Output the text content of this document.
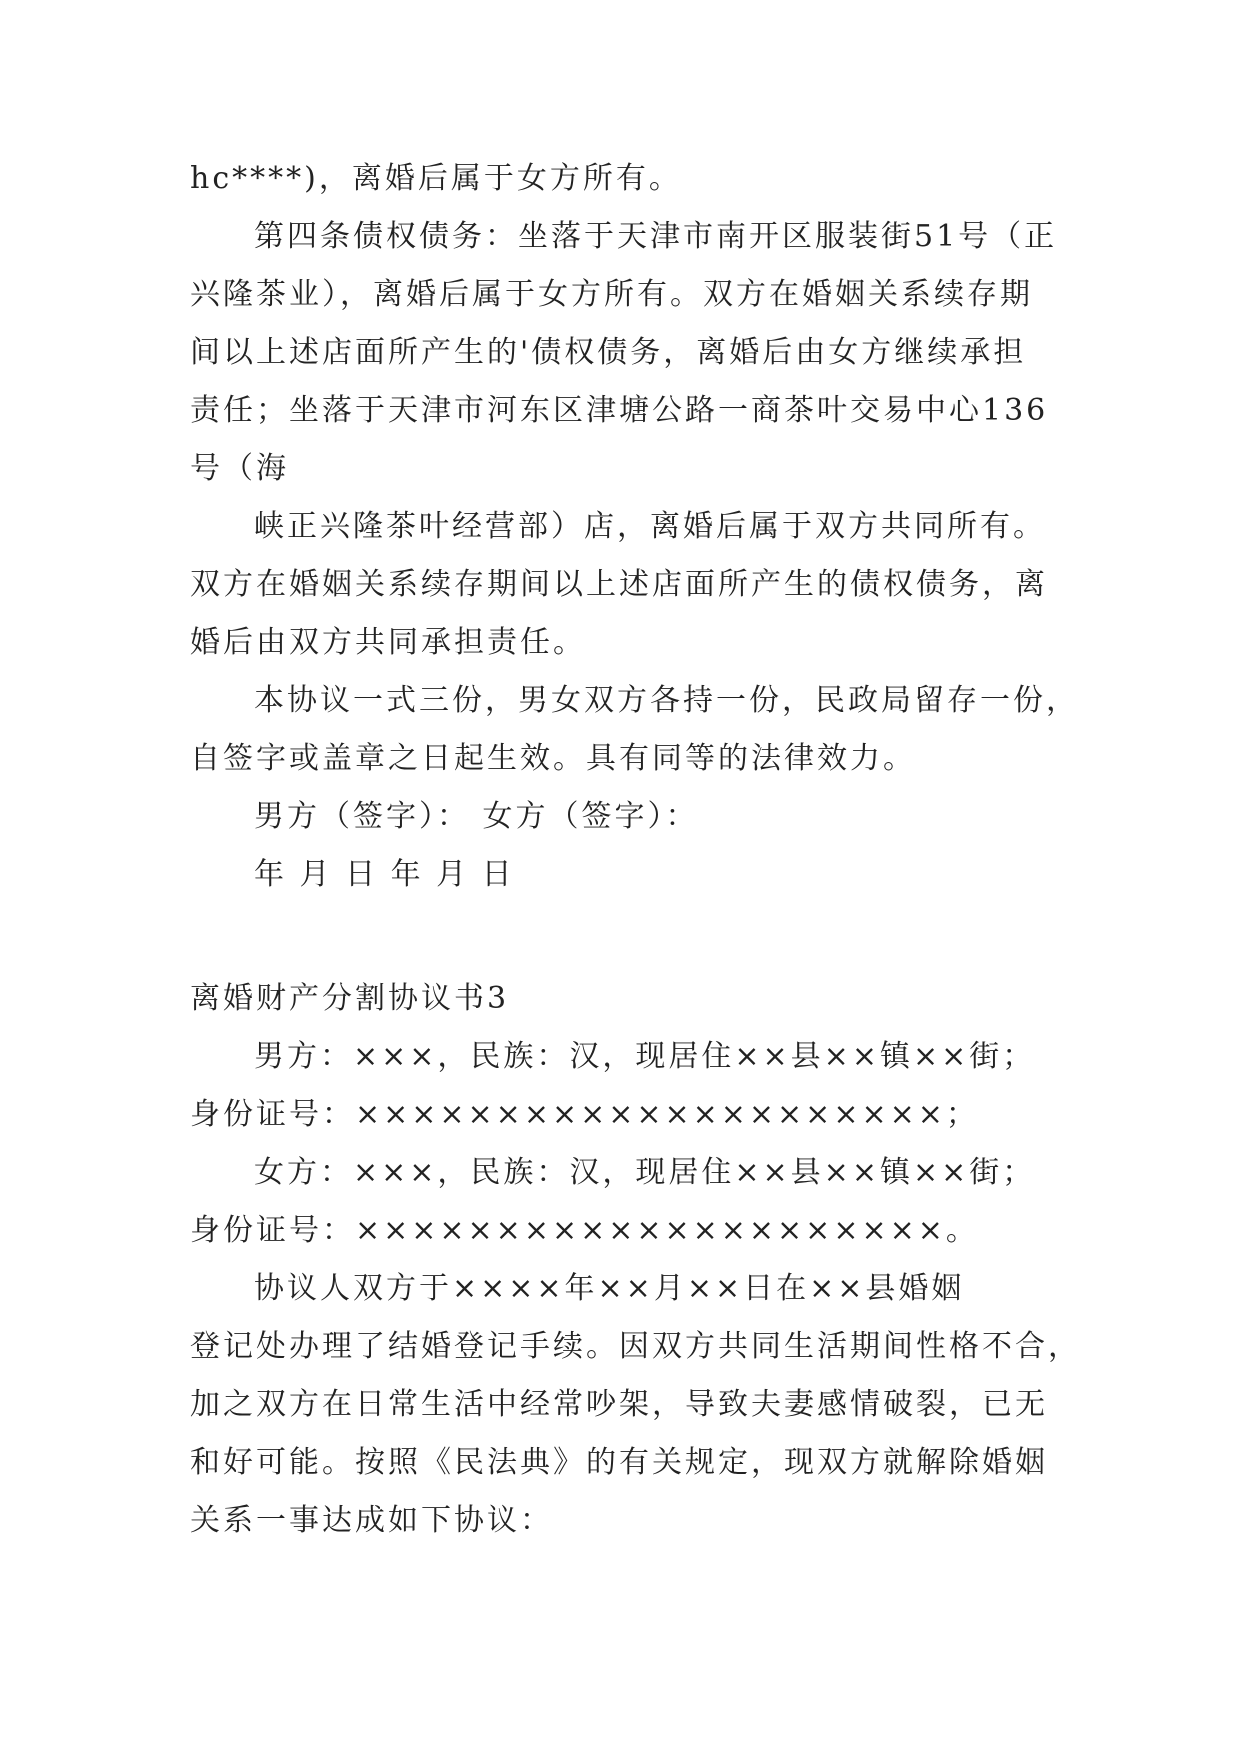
hc****)，离婚后属于女方所有。
第四条债权债务：坐落于天津市南开区服装街51号（正
兴隆茶业），离婚后属于女方所有。双方在婚姻关系续存期
间以上述店面所产生的'债权债务，离婚后由女方继续承担
责任；坐落于天津市河东区津塘公路一商茶叶交易中心136
号（海
峡正兴隆茶叶经营部）店，离婚后属于双方共同所有。
双方在婚姻关系续存期间以上述店面所产生的债权债务，离
婚后由双方共同承担责任。
本协议一式三份，男女双方各持一份，民政局留存一份，
自签字或盖章之日起生效。具有同等的法律效力。
男方（签字）： 女方（签字）：
年 月 日 年 月 日
离婚财产分割协议书3
男方：×××，民族：汉，现居住××县××镇××街；
身份证号：×××××××××××××××××××××；
女方：×××，民族：汉，现居住××县××镇××街；
身份证号：×××××××××××××××××××××。
协议人双方于××××年××月××日在××县婚姻
登记处办理了结婚登记手续。因双方共同生活期间性格不合，
加之双方在日常生活中经常吵架，导致夫妻感情破裂，已无
和好可能。按照《民法典》的有关规定，现双方就解除婚姻
关系一事达成如下协议：
